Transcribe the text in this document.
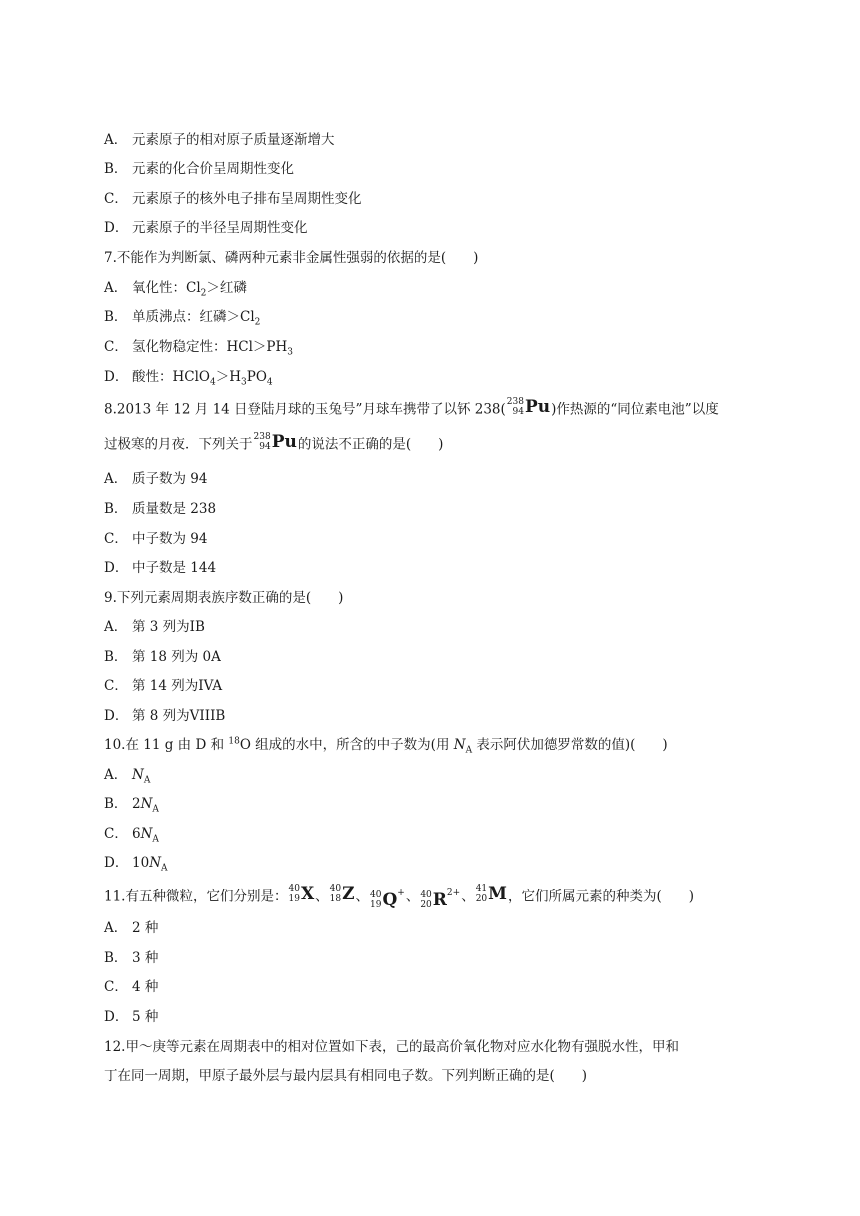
A． 元素原子的相对原子质量逐渐增大
B． 元素的化合价呈周期性变化
C． 元素原子的核外电子排布呈周期性变化
D． 元素原子的半径呈周期性变化
7.不能作为判断氯、磷两种元素非金属性强弱的依据的是(　　)
A． 氧化性：$Cl_2>$红磷
B． 单质沸点：红磷$>Cl_2$
C． 氢化物稳定性：$HCl>PH_3$
D． 酸性：$HClO_4>H_3PO_4$
8.2013 年 12 月 14 日登陆月球的玉兔号”月球车携带了以钚 238(238
94Pu)作热源的“同位素电池”以度
过极寒的月夜．下列关于238
94Pu的说法不正确的是(　　)
A． 质子数为 94
B． 质量数是 238
C． 中子数为 94
D． 中子数是 144
9.下列元素周期表族序数正确的是(　　)
A． 第 3 列为IB
B． 第 18 列为 0A
C． 第 14 列为IVA
D． 第 8 列为VIIIB
10.在 11 g 由 D 和 $^{18}$O 组成的水中，所含的中子数为(用 $N_A$ 表示阿伏加德罗常数的值)(　　)
A． $N_A$
B． $2N_A$
C． $6N_A$
D． $10N_A$
11.有五种微粒，它们分别是：40
19X、40
18Z、40
19Q+、40
$20R^{2+}$、41
20M，它们所属元素的种类为(　　)
A． 2 种
B． 3 种
C． 4 种
D． 5 种
12.甲～庚等元素在周期表中的相对位置如下表，己的最高价氧化物对应水化物有强脱水性，甲和
丁在同一周期，甲原子最外层与最内层具有相同电子数。下列判断正确的是(　　)
